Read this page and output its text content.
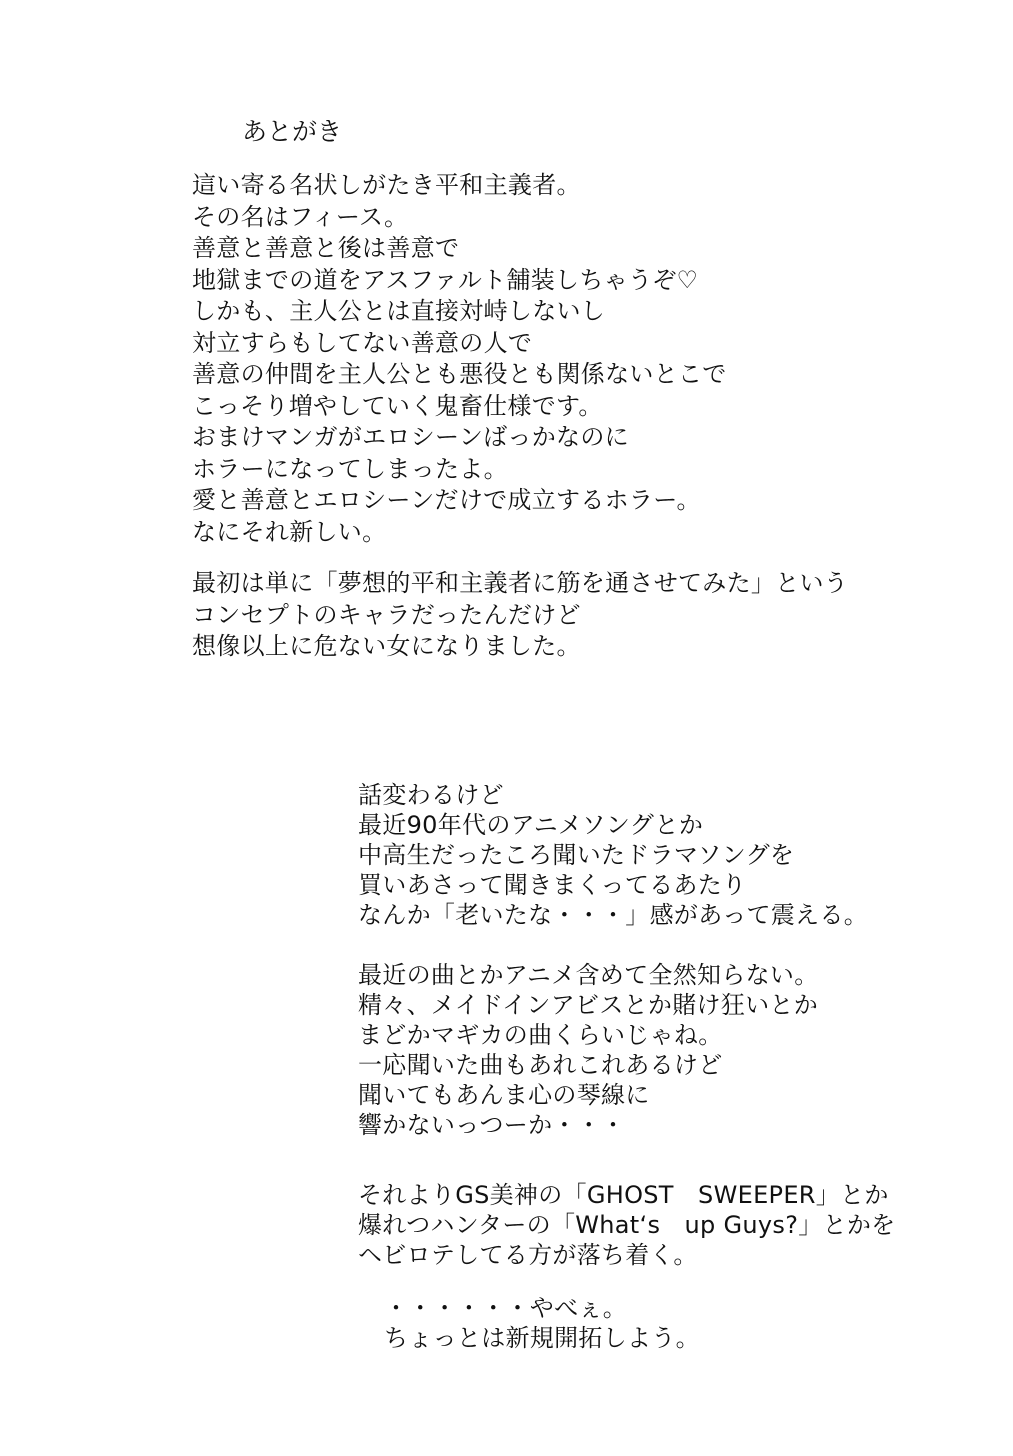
あとがき
這い寄る名状しがたき平和主義者。
その名はフィース。
善意と善意と後は善意で
地獄までの道をアスファルト舗装しちゃうぞ♡
しかも、主人公とは直接対峙しないし
対立すらもしてない善意の人で
善意の仲間を主人公とも悪役とも関係ないとこで
こっそり増やしていく鬼畜仕様です。
おまけマンガがエロシーンばっかなのに
ホラーになってしまったよ。
愛と善意とエロシーンだけで成立するホラー。
なにそれ新しい。
最初は単に「夢想的平和主義者に筋を通させてみた」という
コンセプトのキャラだったんだけど
想像以上に危ない女になりました。
話変わるけど
最近90年代のアニメソングとか
中高生だったころ聞いたドラマソングを
買いあさって聞きまくってるあたり
なんか「老いたな・・・」感があって震える。
最近の曲とかアニメ含めて全然知らない。
精々、メイドインアビスとか賭け狂いとか
まどかマギカの曲くらいじゃね。
一応聞いた曲もあれこれあるけど
聞いてもあんま心の琴線に
響かないっつーか・・・
それよりGS美神の「GHOST　SWEEPER」とか
爆れつハンターの「What‘s　up Guys?」とかを
ヘビロテしてる方が落ち着く。
・・・・・・やべぇ。
ちょっとは新規開拓しよう。
